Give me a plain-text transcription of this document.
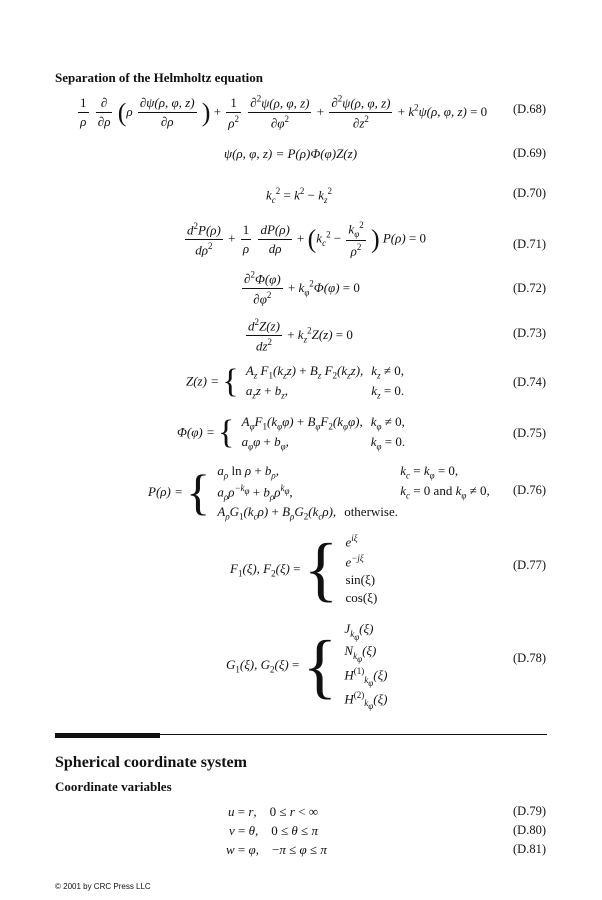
Separation of the Helmholtz equation
$\frac{1}{\rho}$
$\frac{\partial}{\partial\rho} (\rho \frac{\partial\psi(\rho, \varphi, z)}{\partial\rho}$ ) + $\frac{1}{\rho^2}$
$\frac{\partial^2\psi(\rho, \varphi, z)}{\partial\varphi^2} + \frac{\partial^2\psi(\rho, \varphi, z)}{\partial z^2} + k^2\psi(\rho$, φ, z) = 0 (D.68)
ψ(ρ, φ, z) = P(ρ)Φ(φ)Z(z)	(D.69)
$k_c^2 = k^2 - k_z^2$	(D.70)
$\frac{d^2P(\rho)}{d\rho^2} + \frac{1}{\rho}$
$\frac{dP(\rho)}{d\rho} + (k_c^2 - \frac{k_\varphi^2}{\rho^2}$ ) P(ρ) = 0	(D.71)
$\frac{\partial^2\Phi(\varphi)}{\partial\varphi^2} + k_\varphi^2\Phi(\varphi) = 0$	(D.72)
$\frac{d^2Z(z)}{dz^2} + k_z^2Z(z) = 0$	(D.73)
Z(z) = { $A_z$ $F_1(k_zz) + B_z$ $F_2(k_zz)$,	$k_z \ne 0$,
$a_zz + b_z$,	$k_z = 0$.
(D.74)
Φ(φ) = { $A_\varphi F_1(k_\varphi\varphi) + B_\varphi F_2(k_\varphi\varphi)$,	$k_\varphi \ne 0$,
$a_\varphi\varphi + b_\varphi$,	$k_\varphi = 0$.
(D.75)
P(ρ) = { $a_\rho$ $\ln \rho + b_\rho$,	$k_c = k_\varphi = 0$,
$a_\rho\rho^{-k_\varphi} + b_\rho\rho^{k_\varphi}$,	$k_c = 0$ and $k_\varphi \ne 0$,
$A_\rho G_1(k_c\rho) + B_\rho G_2(k_c\rho)$,	otherwise.
(D.76)
$F_1(\xi)$, $F_2(\xi)$ = { $e^{i\xi}$
$e^{-j\xi}$
sin(ξ)
cos(ξ)
(D.77)
$G_1(\xi)$, $G_2(\xi)$ = { $J_{k_\varphi}(\xi)$
$N_{k_\varphi}(\xi)$
$H^{(1)}_{k_\varphi}(\xi)$
$H^{(2)}_{k_\varphi}(\xi)$
(D.78)
Spherical coordinate system
Coordinate variables
u = r, 0 ≤ r < ∞	(D.79)
v = θ, 0 ≤ θ ≤ π	(D.80)
w = φ, −π ≤ φ ≤ π	(D.81)
© 2001 by CRC Press LLC
